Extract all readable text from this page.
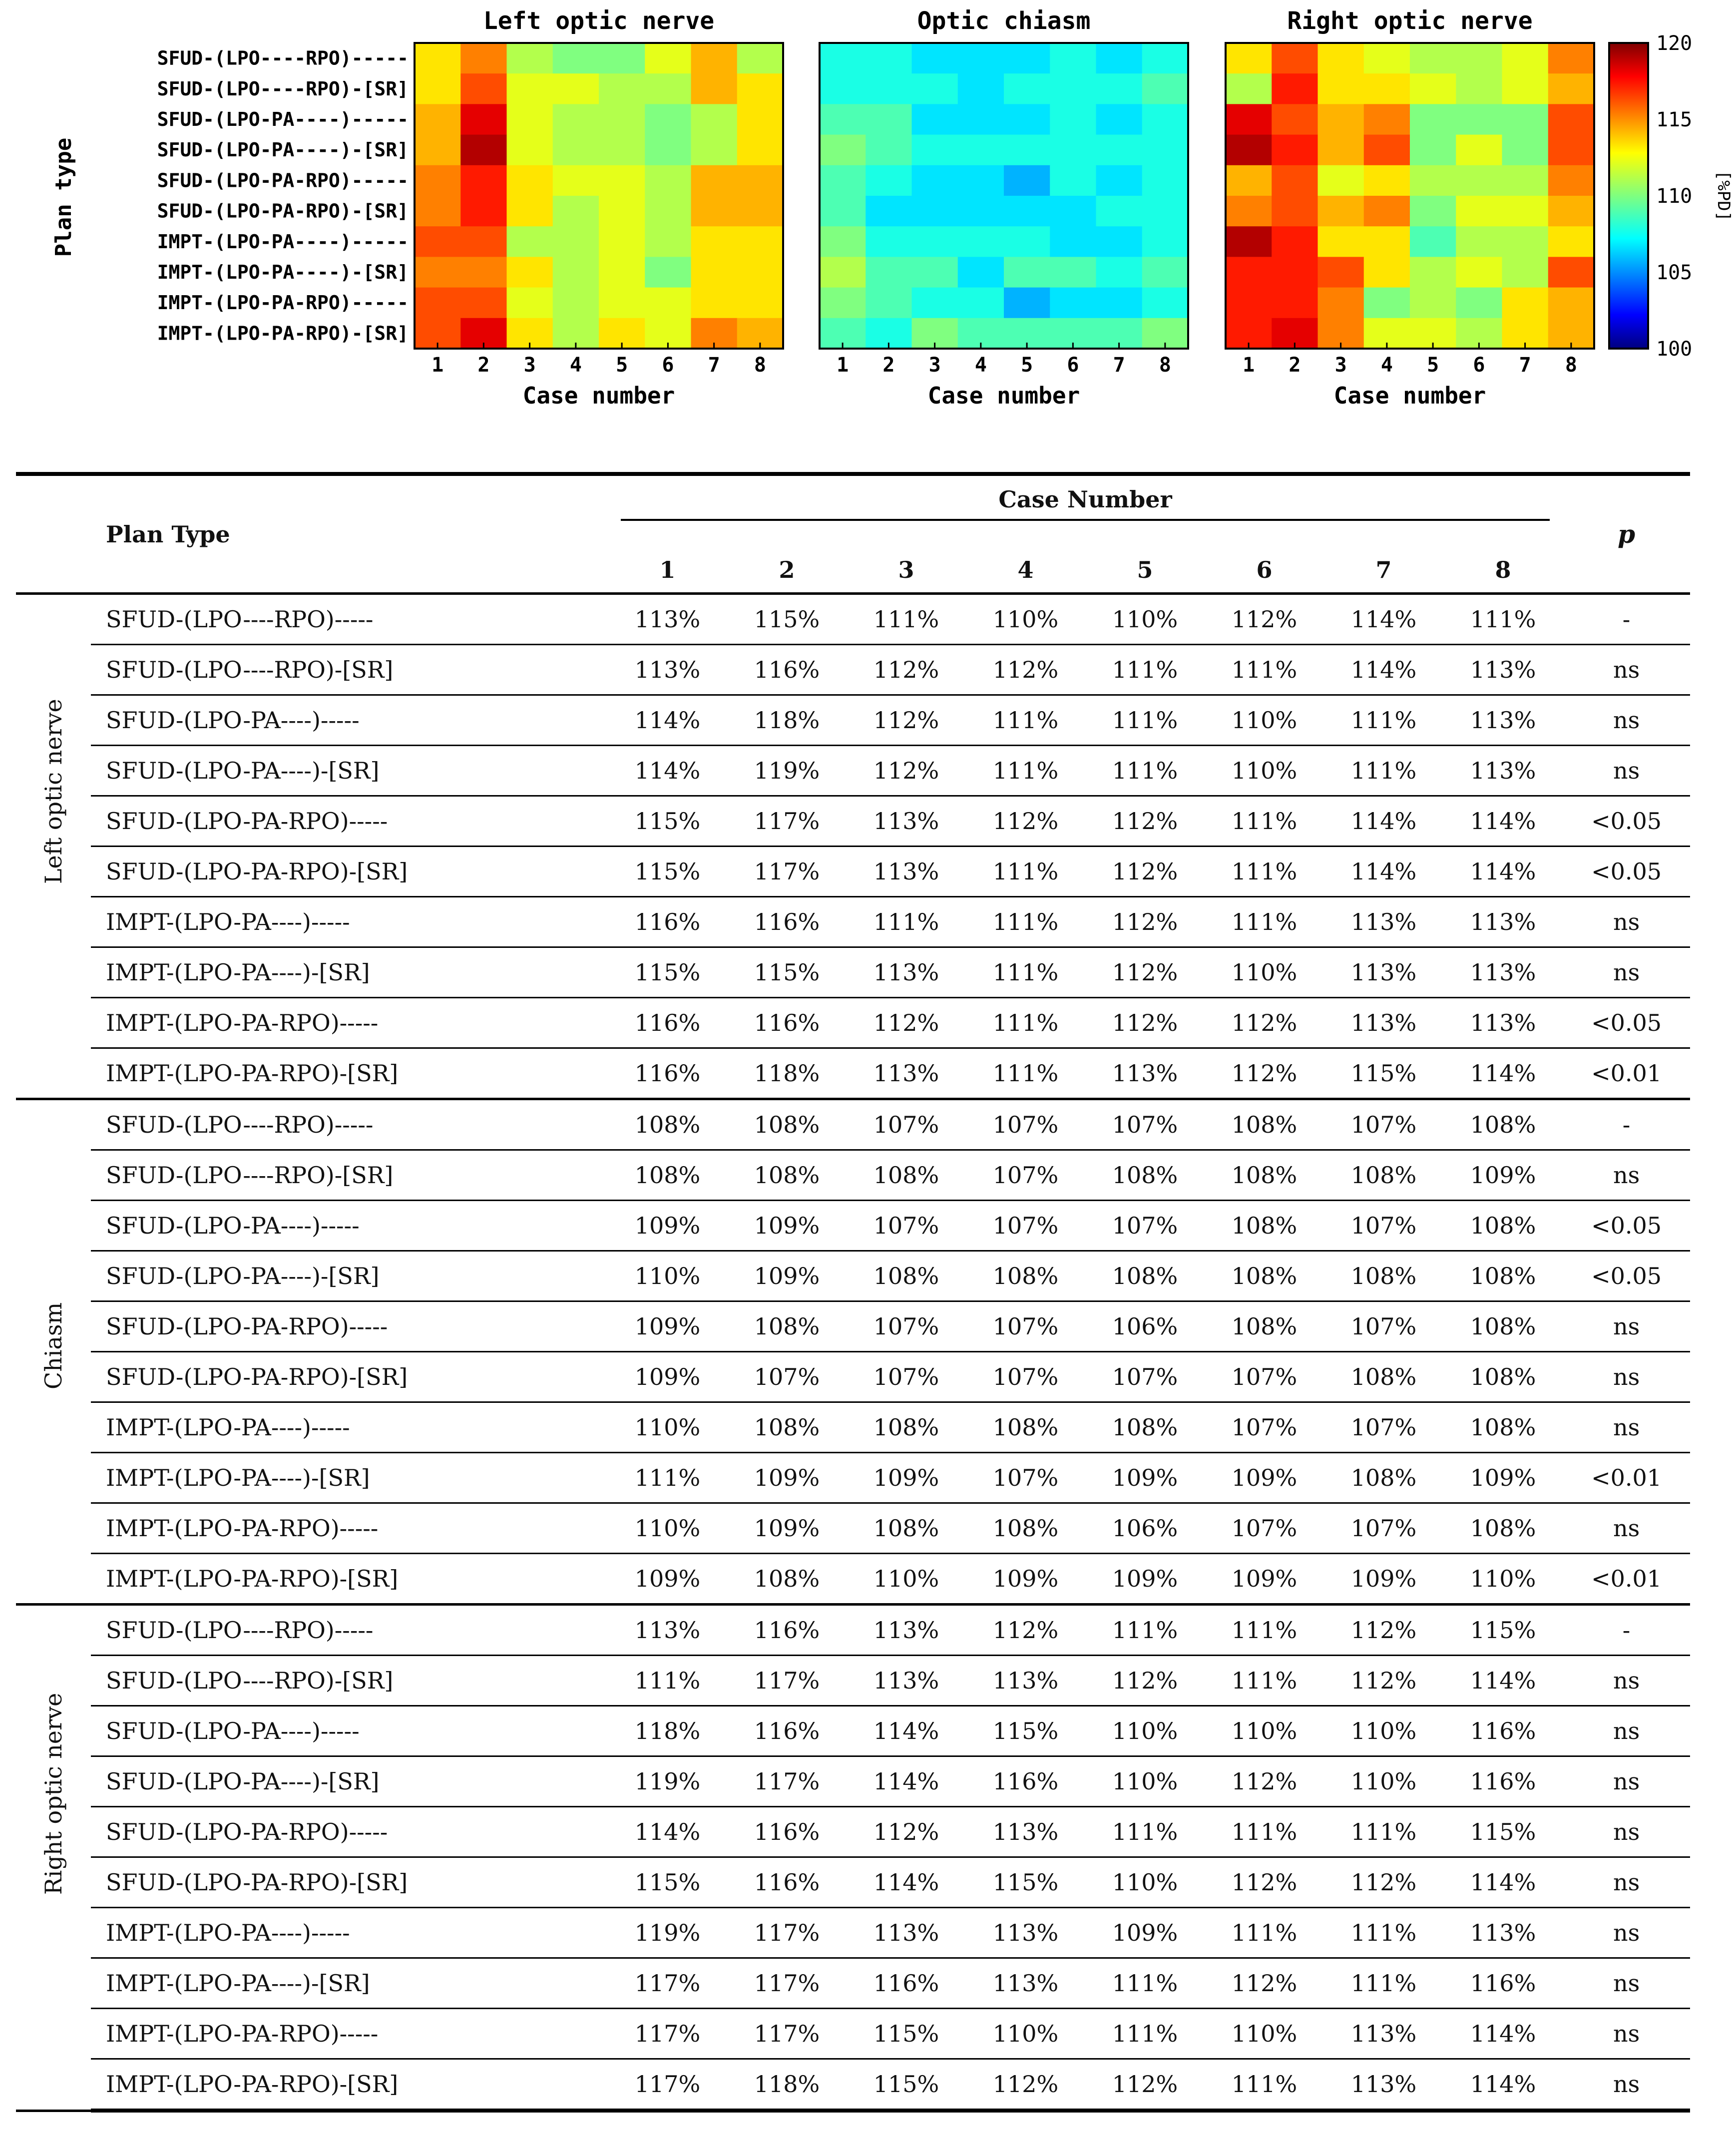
Left optic nerve
1 2 3 4 5 6 7 8
Case number
Optic chiasm
1 2 3 4 5 6 7 8
Case number
Right optic nerve
1 2 3 4 5 6 7 8
Case number
Plan type
SFUD-(LPO----RPO)-----
SFUD-(LPO----RPO)-[SR]
SFUD-(LPO-PA----)-----
SFUD-(LPO-PA----)-[SR]
SFUD-(LPO-PA-RPO)-----
SFUD-(LPO-PA-RPO)-[SR]
IMPT-(LPO-PA----)-----
IMPT-(LPO-PA----)-[SR]
IMPT-(LPO-PA-RPO)-----
IMPT-(LPO-PA-RPO)-[SR]
120
115
110
105
100
[%PD]
	Plan Type	Case Number								p
		1	2	3	4	5	6	7	8	

Left optic nerve	SFUD-(LPO----RPO)-----	113%	115%	111%	110%	110%	112%	114%	111%	-
	SFUD-(LPO----RPO)-[SR]	113%	116%	112%	112%	111%	111%	114%	113%	ns
	SFUD-(LPO-PA----)-----	114%	118%	112%	111%	111%	110%	111%	113%	ns
	SFUD-(LPO-PA----)-[SR]	114%	119%	112%	111%	111%	110%	111%	113%	ns
	SFUD-(LPO-PA-RPO)-----	115%	117%	113%	112%	112%	111%	114%	114%	<0.05
	SFUD-(LPO-PA-RPO)-[SR]	115%	117%	113%	111%	112%	111%	114%	114%	<0.05
	IMPT-(LPO-PA----)-----	116%	116%	111%	111%	112%	111%	113%	113%	ns
	IMPT-(LPO-PA----)-[SR]	115%	115%	113%	111%	112%	110%	113%	113%	ns
	IMPT-(LPO-PA-RPO)-----	116%	116%	112%	111%	112%	112%	113%	113%	<0.05
	IMPT-(LPO-PA-RPO)-[SR]	116%	118%	113%	111%	113%	112%	115%	114%	<0.01

Chiasm	SFUD-(LPO----RPO)-----	108%	108%	107%	107%	107%	108%	107%	108%	-
	SFUD-(LPO----RPO)-[SR]	108%	108%	108%	107%	108%	108%	108%	109%	ns
	SFUD-(LPO-PA----)-----	109%	109%	107%	107%	107%	108%	107%	108%	<0.05
	SFUD-(LPO-PA----)-[SR]	110%	109%	108%	108%	108%	108%	108%	108%	<0.05
	SFUD-(LPO-PA-RPO)-----	109%	108%	107%	107%	106%	108%	107%	108%	ns
	SFUD-(LPO-PA-RPO)-[SR]	109%	107%	107%	107%	107%	107%	108%	108%	ns
	IMPT-(LPO-PA----)-----	110%	108%	108%	108%	108%	107%	107%	108%	ns
	IMPT-(LPO-PA----)-[SR]	111%	109%	109%	107%	109%	109%	108%	109%	<0.01
	IMPT-(LPO-PA-RPO)-----	110%	109%	108%	108%	106%	107%	107%	108%	ns
	IMPT-(LPO-PA-RPO)-[SR]	109%	108%	110%	109%	109%	109%	109%	110%	<0.01

Right optic nerve	SFUD-(LPO----RPO)-----	113%	116%	113%	112%	111%	111%	112%	115%	-
	SFUD-(LPO----RPO)-[SR]	111%	117%	113%	113%	112%	111%	112%	114%	ns
	SFUD-(LPO-PA----)-----	118%	116%	114%	115%	110%	110%	110%	116%	ns
	SFUD-(LPO-PA----)-[SR]	119%	117%	114%	116%	110%	112%	110%	116%	ns
	SFUD-(LPO-PA-RPO)-----	114%	116%	112%	113%	111%	111%	111%	115%	ns
	SFUD-(LPO-PA-RPO)-[SR]	115%	116%	114%	115%	110%	112%	112%	114%	ns
	IMPT-(LPO-PA----)-----	119%	117%	113%	113%	109%	111%	111%	113%	ns
	IMPT-(LPO-PA----)-[SR]	117%	117%	116%	113%	111%	112%	111%	116%	ns
	IMPT-(LPO-PA-RPO)-----	117%	117%	115%	110%	111%	110%	113%	114%	ns
	IMPT-(LPO-PA-RPO)-[SR]	117%	118%	115%	112%	112%	111%	113%	114%	ns
